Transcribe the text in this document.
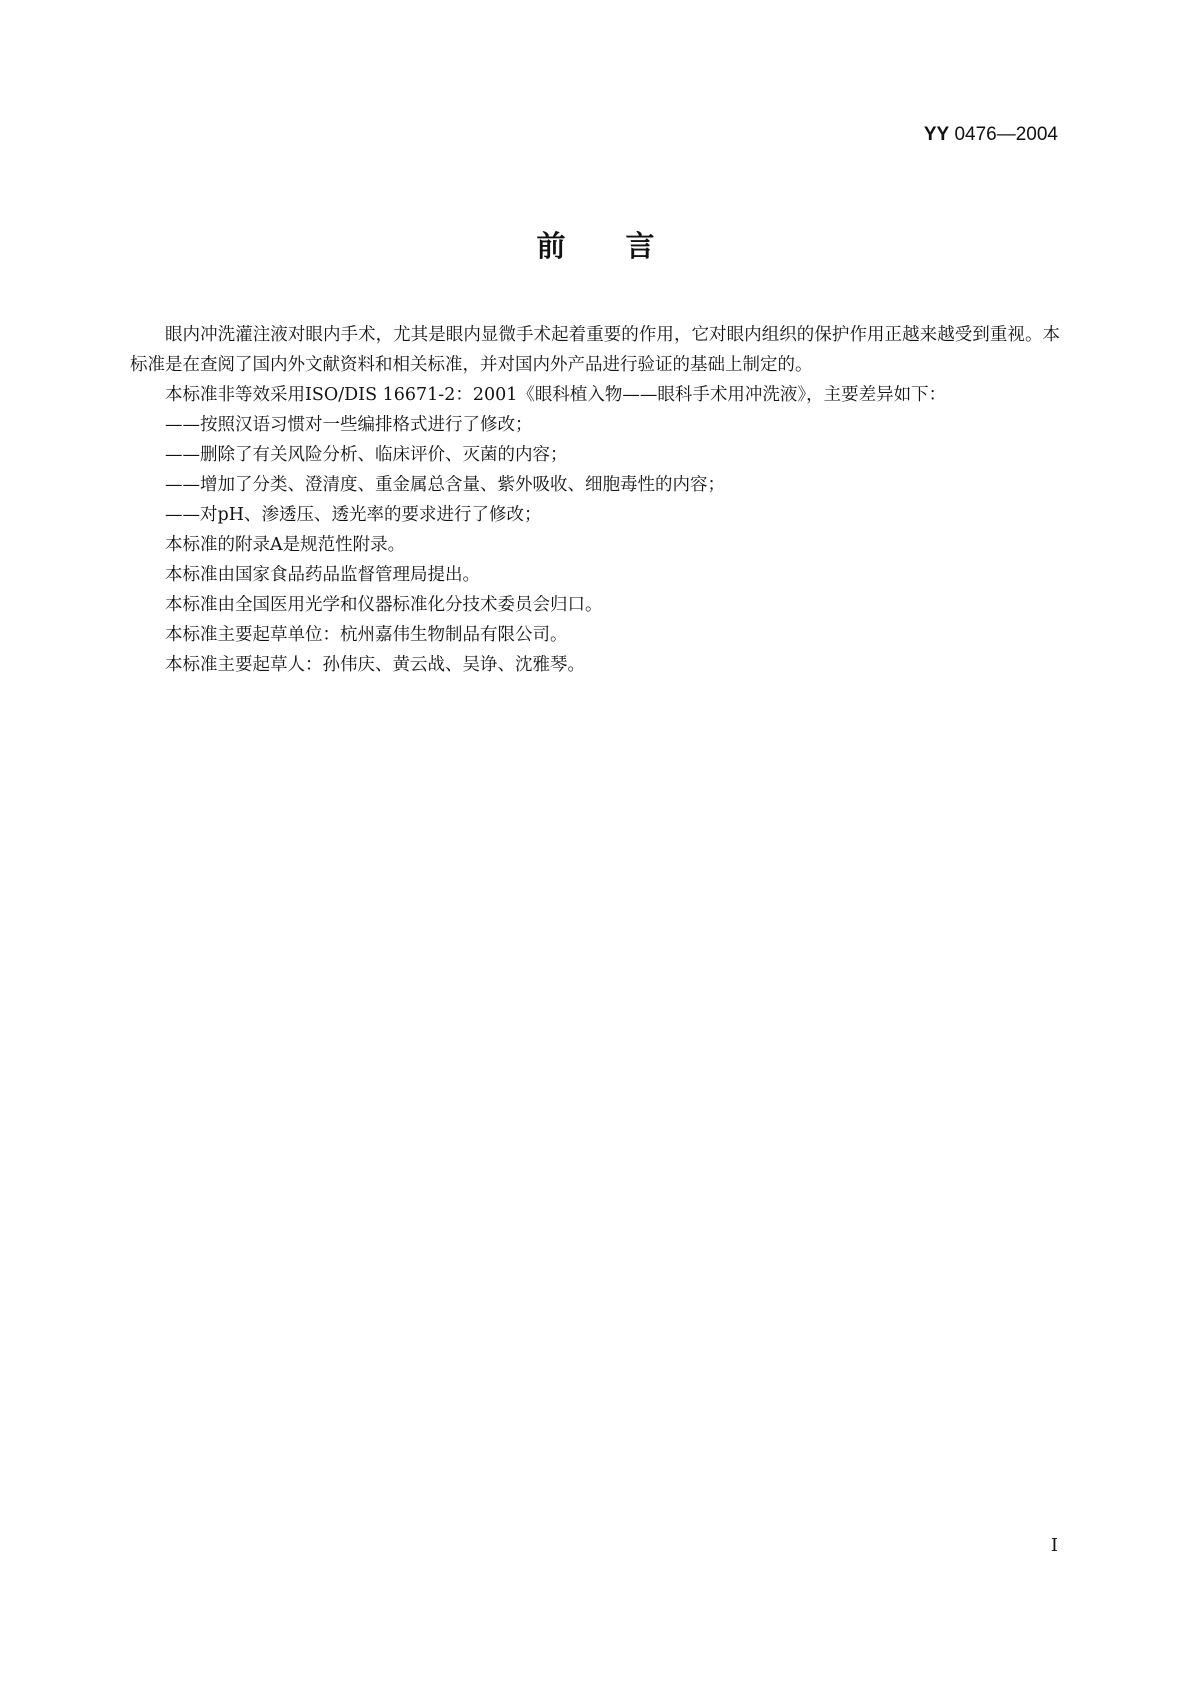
YY 0476—2004
前言

眼内冲洗灌注液对眼内手术，尤其是眼内显微手术起着重要的作用，它对眼内组织的保护作用正越来越受到重视。本标准是在查阅了国内外文献资料和相关标准，并对国内外产品进行验证的基础上制定的。

本标准非等效采用ISO/DIS 16671-2：2001《眼科植入物——眼科手术用冲洗液》，主要差异如下：

——按照汉语习惯对一些编排格式进行了修改；

——删除了有关风险分析、临床评价、灭菌的内容；

——增加了分类、澄清度、重金属总含量、紫外吸收、细胞毒性的内容；

——对pH、渗透压、透光率的要求进行了修改；

本标准的附录A是规范性附录。

本标准由国家食品药品监督管理局提出。

本标准由全国医用光学和仪器标准化分技术委员会归口。

本标准主要起草单位：杭州嘉伟生物制品有限公司。

本标准主要起草人：孙伟庆、黄云战、吴诤、沈雅琴。

I
